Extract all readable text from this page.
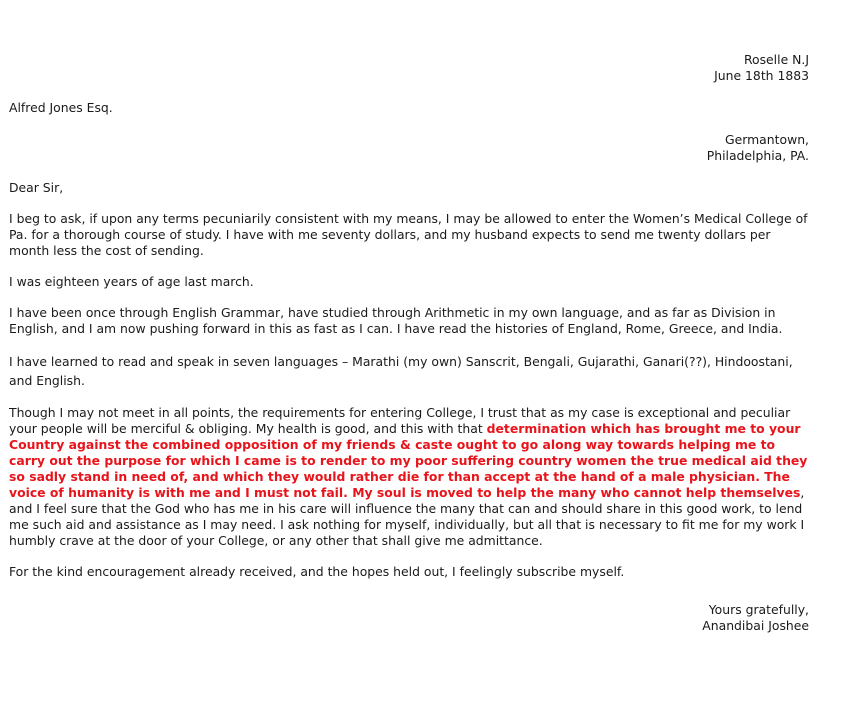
Roselle N.J

June 18th 1883

Alfred Jones Esq.

Germantown,

Philadelphia, PA.

Dear Sir,

I beg to ask, if upon any terms pecuniarily consistent with my means, I may be allowed to enter the Women’s Medical College of Pa. for a thorough course of study. I have with me seventy dollars, and my husband expects to send me twenty dollars per month less the cost of sending.

I was eighteen years of age last march.

I have been once through English Grammar, have studied through Arithmetic in my own language, and as far as Division in English, and I am now pushing forward in this as fast as I can. I have read the histories of England, Rome, Greece, and India.

I have learned to read and speak in seven languages – Marathi (my own) Sanscrit, Bengali, Gujarathi, Ganari(??), Hindoostani, and English.

Though I may not meet in all points, the requirements for entering College, I trust that as my case is exceptional and peculiar your people will be merciful & obliging. My health is good, and this with that determination which has brought me to your Country against the combined opposition of my friends & caste ought to go along way towards helping me to carry out the purpose for which I came is to render to my poor suffering country women the true medical aid they so sadly stand in need of, and which they would rather die for than accept at the hand of a male physician. The voice of humanity is with me and I must not fail. My soul is moved to help the many who cannot help themselves, and I feel sure that the God who has me in his care will influence the many that can and should share in this good work, to lend me such aid and assistance as I may need. I ask nothing for myself, individually, but all that is necessary to fit me for my work I humbly crave at the door of your College, or any other that shall give me admittance.

For the kind encouragement already received, and the hopes held out, I feelingly subscribe myself.

Yours gratefully,

Anandibai Joshee
